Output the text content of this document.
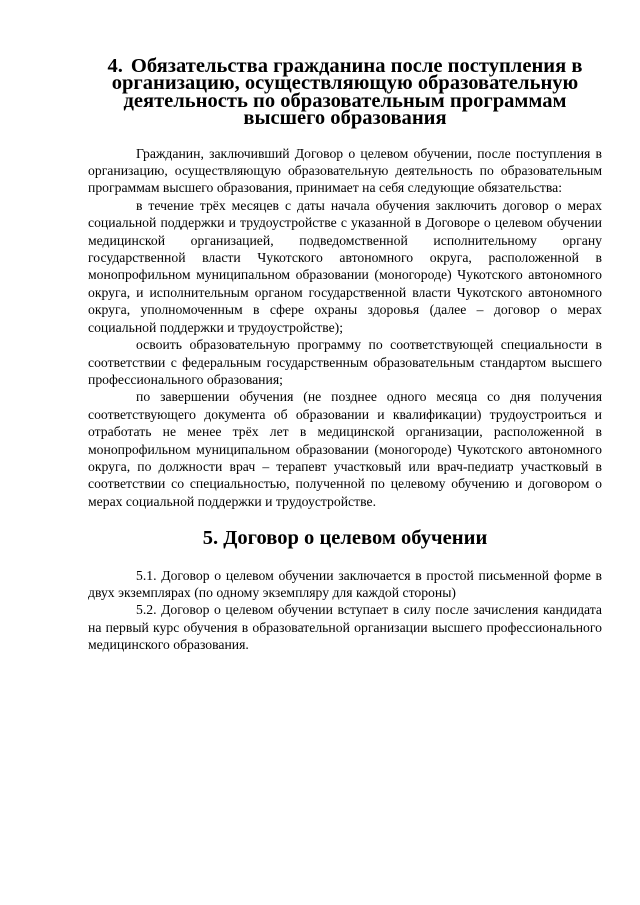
4. Обязательства гражданина после поступления в организацию, осуществляющую образовательную деятельность по образовательным программам высшего образования

Гражданин, заключивший Договор о целевом обучении, после поступления в организацию, осуществляющую образовательную деятельность по образовательным программам высшего образования, принимает на себя следующие обязательства:

в течение трёх месяцев с даты начала обучения заключить договор о мерах социальной поддержки и трудоустройстве с указанной в Договоре о целевом обучении медицинской организацией, подведомственной исполнительному органу государственной власти Чукотского автономного округа, расположенной в монопрофильном муниципальном образовании (моногороде) Чукотского автономного округа, и исполнительным органом государственной власти Чукотского автономного округа, уполномоченным в сфере охраны здоровья (далее – договор о мерах социальной поддержки и трудоустройстве);

освоить образовательную программу по соответствующей специальности в соответствии с федеральным государственным образовательным стандартом высшего профессионального образования;

по завершении обучения (не позднее одного месяца со дня получения соответствующего документа об образовании и квалификации) трудоустроиться и отработать не менее трёх лет в медицинской организации, расположенной в монопрофильном муниципальном образовании (моногороде) Чукотского автономного округа, по должности врач – терапевт участковый или врач-педиатр участковый в соответствии со специальностью, полученной по целевому обучению и договором о мерах социальной поддержки и трудоустройстве.

5. Договор о целевом обучении

5.1. Договор о целевом обучении заключается в простой письменной форме в двух экземплярах (по одному экземпляру для каждой стороны)

5.2. Договор о целевом обучении вступает в силу после зачисления кандидата на первый курс обучения в образовательной организации высшего профессионального медицинского образования.
